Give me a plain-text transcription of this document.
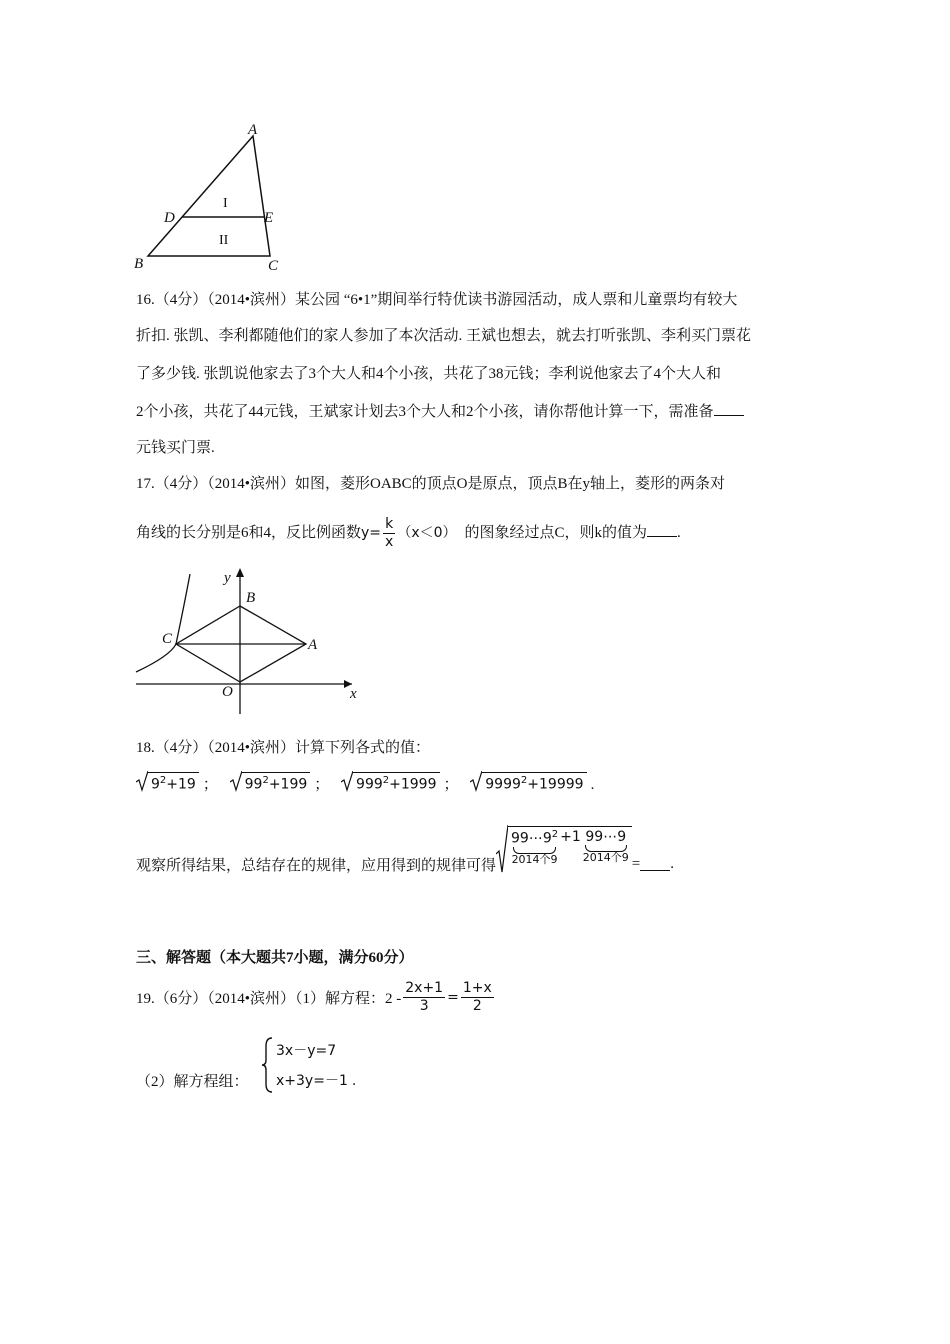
A
B	C
D	E
I
II
16.（4分）（2014•滨州）某公园 “6•1”期间举行特优读书游园活动，成人票和儿童票均有较大
折扣. 张凯、李利都随他们的家人参加了本次活动. 王斌也想去，就去打听张凯、李利买门票花
了多少钱. 张凯说他家去了3个大人和4个小孩，共花了38元钱；李利说他家去了4个大人和
2个小孩，共花了44元钱，王斌家计划去3个大人和2个小孩，请你帮他计算一下，需准备
元钱买门票.
17.（4分）（2014•滨州）如图，菱形OABC的顶点O是原点，顶点B在y轴上，菱形的两条对
角线的长分别是6和4，反比例函数$y= \frac{k}{x} (x<0)$ 的图象经过点C，则k的值为 .
y
x
O
A
B
C
18.（4分）（2014•滨州）计算下列各式的值：
$9^2+19$ ； $99^2+199$ ； $999^2+1999$ ； $9999^2+19999$ .
观察所得结果，总结存在的规律，应用得到的规律可得
$99\cdots 9^2$
2014个9
+1 99⋯9
2014个9 = .
三、解答题（本大题共7小题，满分60分）
19.（6分）（2014•滨州）（1）解方程：$2 - \frac{2x+1}{3} = \frac{1+x}{2}$
（2）解方程组：
3x－y=7
x+3y=－1 .
